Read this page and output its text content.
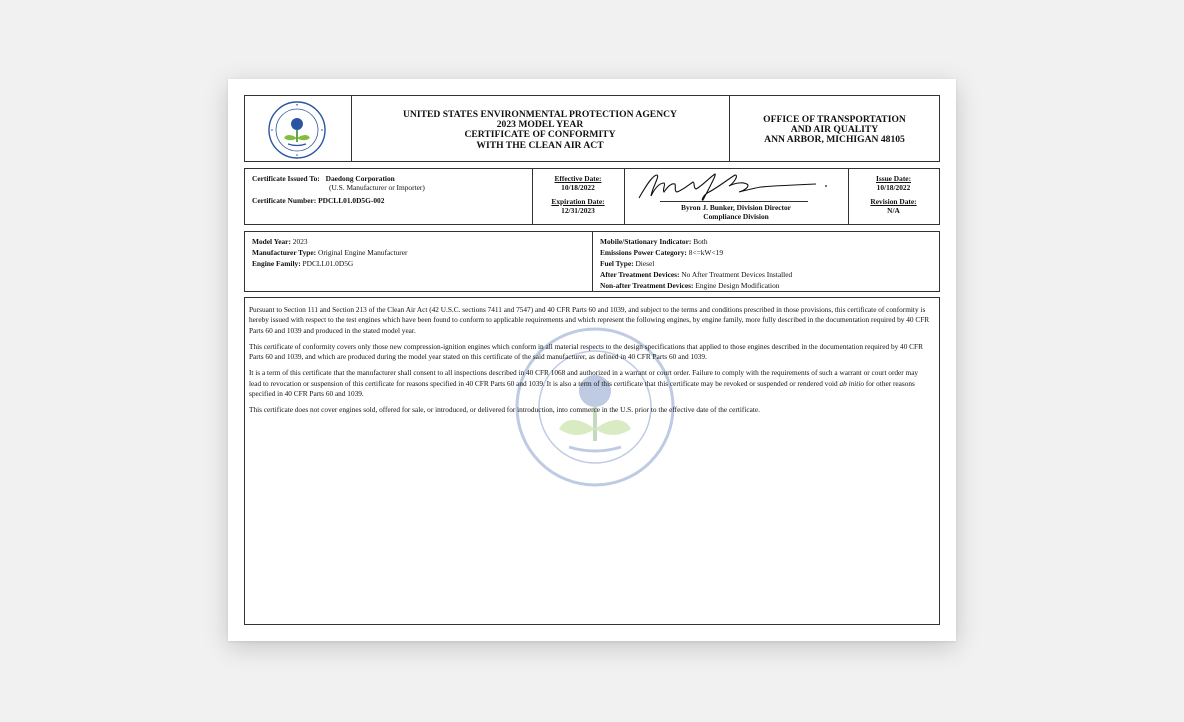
UNITED STATES ENVIRONMENTAL PROTECTION AGENCY
2023 MODEL YEAR
CERTIFICATE OF CONFORMITY
WITH THE CLEAN AIR ACT
OFFICE OF TRANSPORTATION
AND AIR QUALITY
ANN ARBOR, MICHIGAN 48105
Certificate Issued To: Daedong Corporation
(U.S. Manufacturer or Importer)
Certificate Number: PDCLL01.0D5G-002
Effective Date:
10/18/2022
Expiration Date:
12/31/2023	Byron J. Bunker, Division Director
Compliance Division
Issue Date:
10/18/2022
Revision Date:
N/A
Model Year: 2023
Manufacturer Type: Original Engine Manufacturer
Engine Family: PDCLL01.0D5G
Mobile/Stationary Indicator: Both
Emissions Power Category: 8<=kW<19
Fuel Type: Diesel
After Treatment Devices: No After Treatment Devices Installed
Non-after Treatment Devices: Engine Design Modification

Pursuant to Section 111 and Section 213 of the Clean Air Act (42 U.S.C. sections 7411 and 7547) and 40 CFR Parts 60 and 1039, and subject to the terms and conditions prescribed in those provisions, this certificate of conformity is hereby issued with respect to the test engines which have been found to conform to applicable requirements and which represent the following engines, by engine family, more fully described in the documentation required by 40 CFR Parts 60 and 1039 and produced in the stated model year.

This certificate of conformity covers only those new compression-ignition engines which conform in all material respects to the design specifications that applied to those engines described in the documentation required by 40 CFR Parts 60 and 1039, and which are produced during the model year stated on this certificate of the said manufacturer, as defined in 40 CFR Parts 60 and 1039.

It is a term of this certificate that the manufacturer shall consent to all inspections described in 40 CFR 1068 and authorized in a warrant or court order. Failure to comply with the requirements of such a warrant or court order may lead to revocation or suspension of this certificate for reasons specified in 40 CFR Parts 60 and 1039. It is also a term of this certificate that this certificate may be revoked or suspended or rendered void ab initio for other reasons specified in 40 CFR Parts 60 and 1039.

This certificate does not cover engines sold, offered for sale, or introduced, or delivered for introduction, into commerce in the U.S. prior to the effective date of the certificate.
